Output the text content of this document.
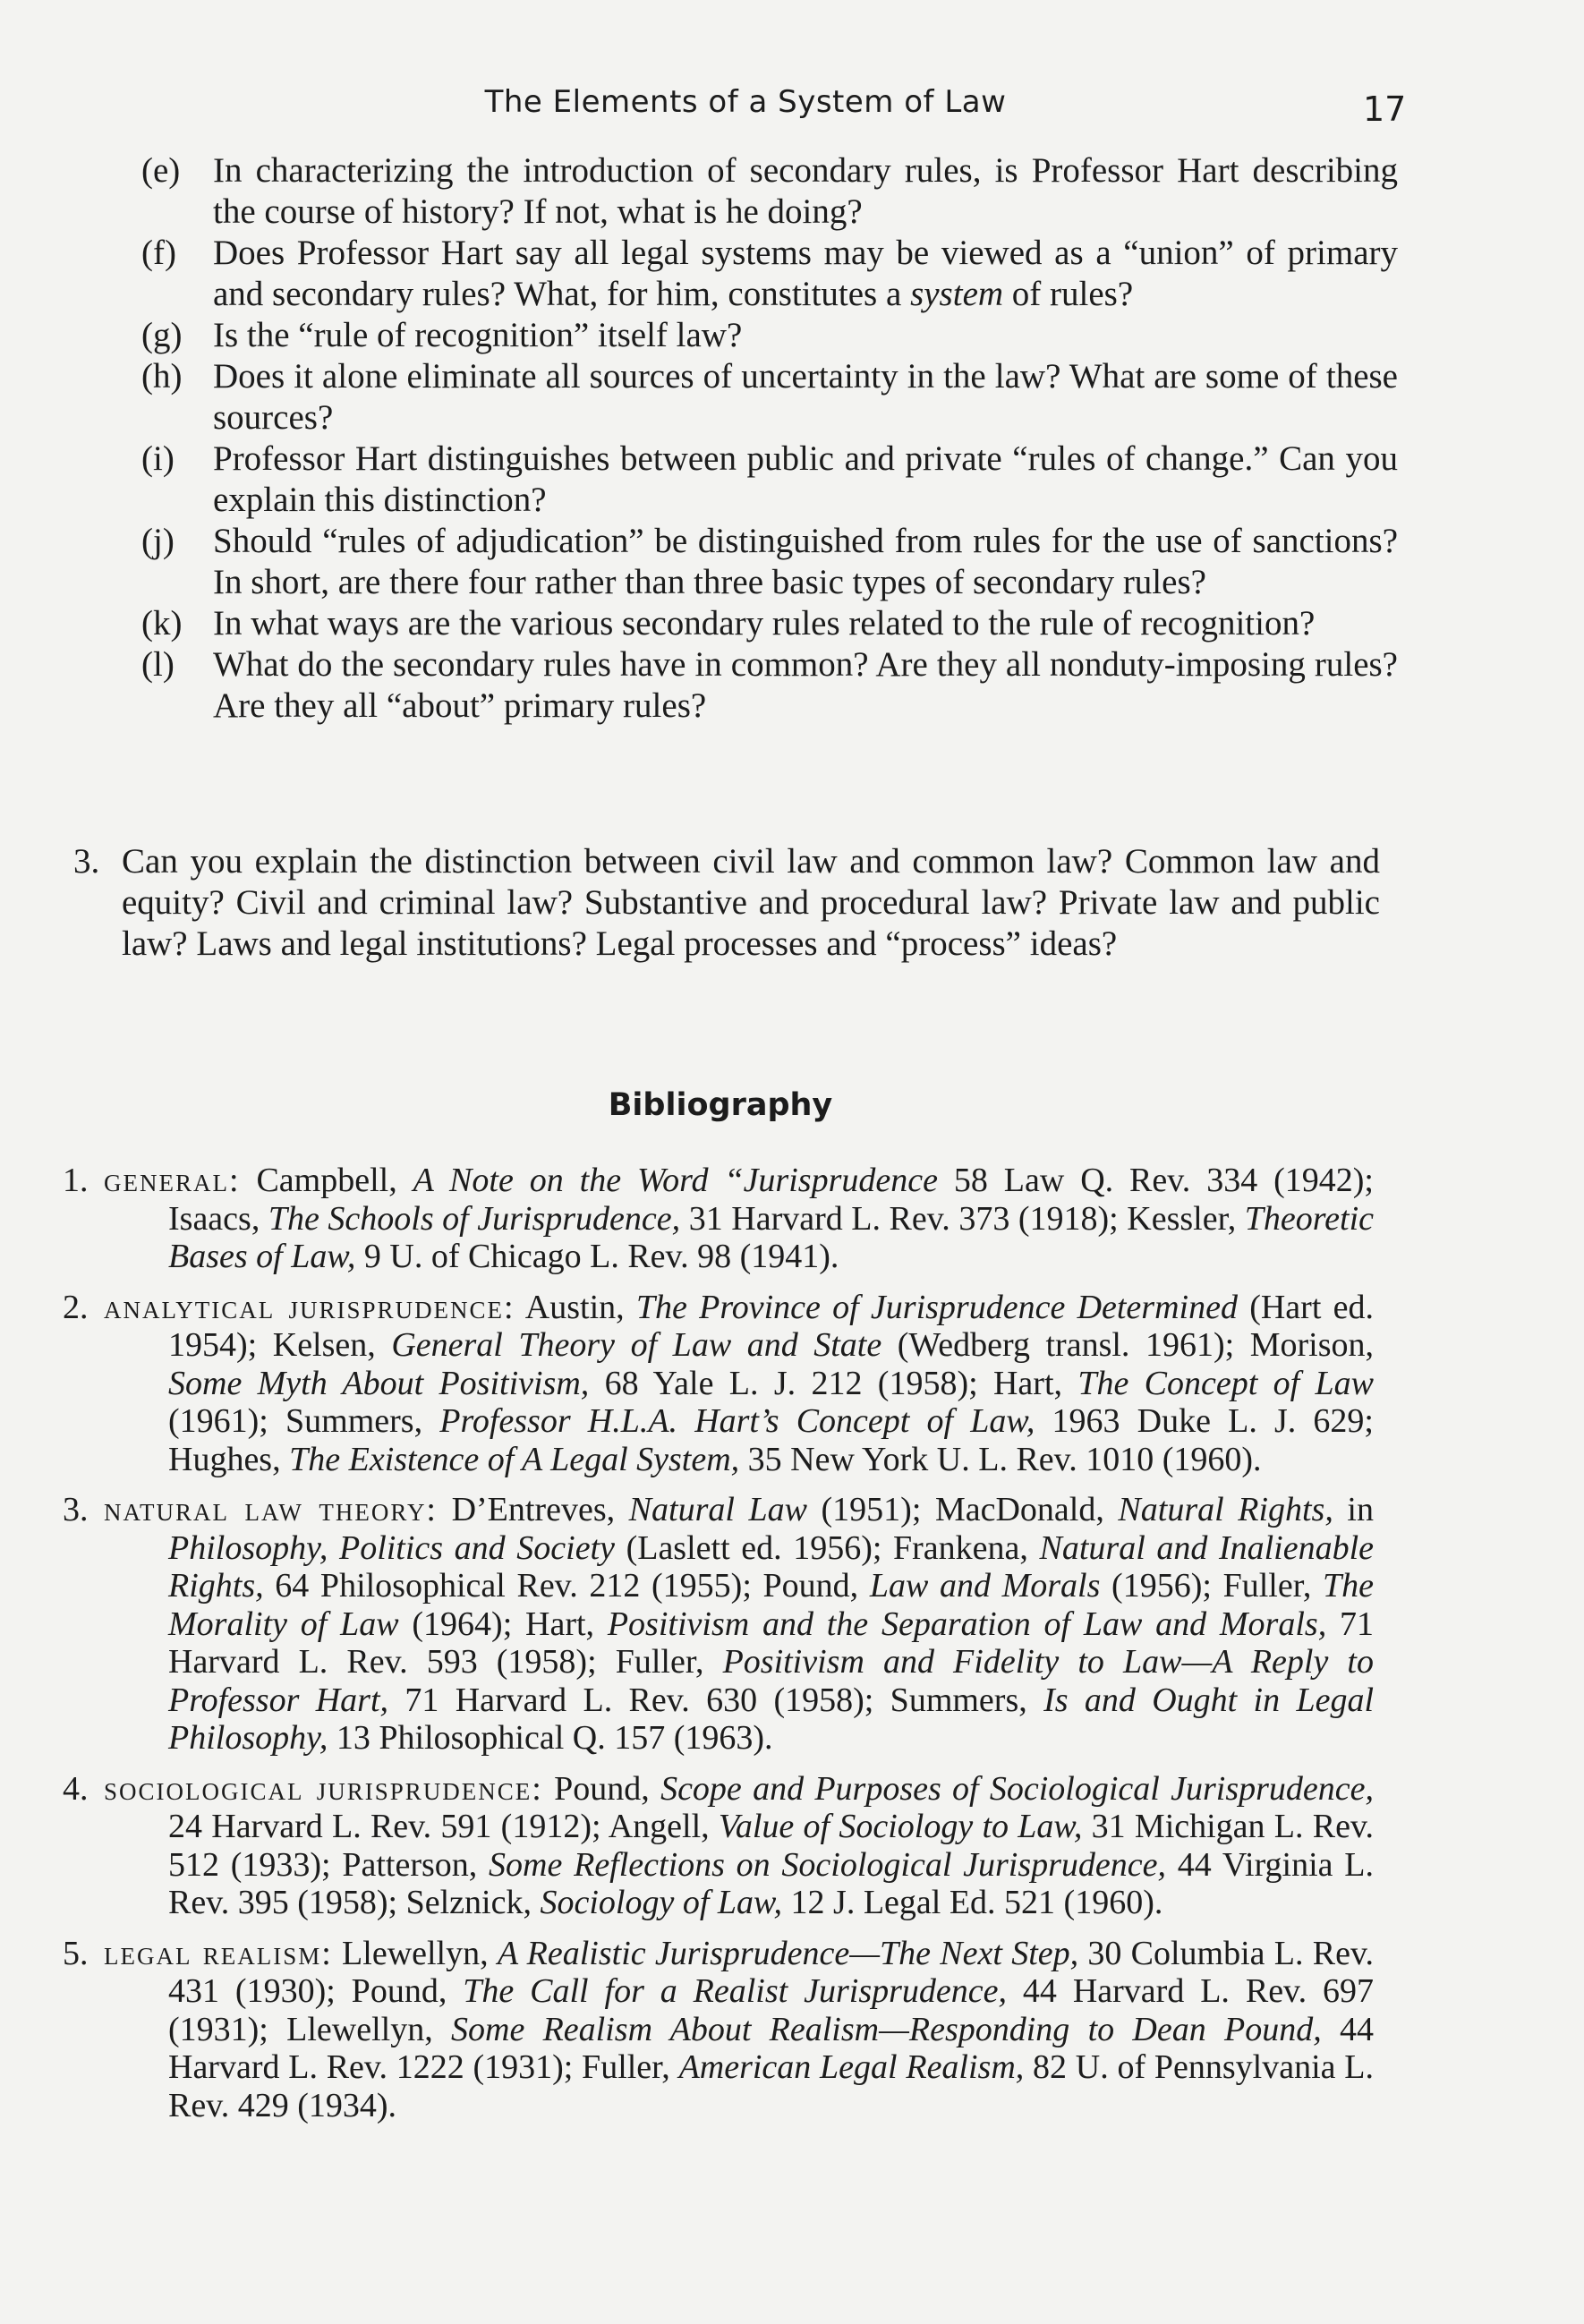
The Elements of a System of Law	17
(e) In characterizing the introduction of secondary rules, is Professor Hart describing the course of history? If not, what is he doing?
(f)	Does Professor Hart say all legal systems may be viewed as a “union” of primary and secondary rules? What, for him, constitutes a system of rules?
(g) Is the “rule of recognition” itself law?
(h) Does it alone eliminate all sources of uncertainty in the law? What are some of these sources?
(i)	Professor Hart distinguishes between public and private “rules of change.” Can you explain this distinction?
(j)	Should “rules of adjudication” be distinguished from rules for the use of sanctions? In short, are there four rather than three basic types of secondary rules?
(k) In what ways are the various secondary rules related to the rule of recognition?
(l)	What do the secondary rules have in common? Are they all nonduty-imposing rules? Are they all “about” primary rules?
3. Can you explain the distinction between civil law and common law? Common law and equity? Civil and criminal law? Substantive and procedural law? Private law and public law? Laws and legal institutions? Legal processes and “process” ideas?
Bibliography
1. general: Campbell, A Note on the Word “Jurisprudence 58 Law Q. Rev. 334 (1942); Isaacs, The Schools of Jurisprudence, 31 Harvard L. Rev. 373 (1918); Kessler, Theoretic Bases of Law, 9 U. of Chicago L. Rev. 98 (1941).
2. analytical jurisprudence: Austin, The Province of Jurisprudence Determined (Hart ed. 1954); Kelsen, General Theory of Law and State (Wedberg transl. 1961); Morison, Some Myth About Positivism, 68 Yale L. J. 212 (1958); Hart, The Concept of Law (1961); Summers, Professor H.L.A. Hart’s Concept of Law, 1963 Duke L. J. 629; Hughes, The Existence of A Legal System, 35 New York U. L. Rev. 1010 (1960).
3. natural law theory: D’Entreves, Natural Law (1951); MacDonald, Natural Rights, in Philosophy, Politics and Society (Laslett ed. 1956); Frankena, Natural and Inalienable Rights, 64 Philosophical Rev. 212 (1955); Pound, Law and Morals (1956); Fuller, The Morality of Law (1964); Hart, Positivism and the Separation of Law and Morals, 71 Harvard L. Rev. 593 (1958); Fuller, Positivism and Fidelity to Law—A Reply to Professor Hart, 71 Harvard L. Rev. 630 (1958); Summers, Is and Ought in Legal Philosophy, 13 Philosophical Q. 157 (1963).
4. sociological jurisprudence: Pound, Scope and Purposes of Sociological Jurisprudence, 24 Harvard L. Rev. 591 (1912); Angell, Value of Sociology to Law, 31 Michigan L. Rev. 512 (1933); Patterson, Some Reflections on Sociological Jurisprudence, 44 Virginia L. Rev. 395 (1958); Selznick, Sociology of Law, 12 J. Legal Ed. 521 (1960).
5. legal realism: Llewellyn, A Realistic Jurisprudence—The Next Step, 30 Columbia L. Rev. 431 (1930); Pound, The Call for a Realist Jurisprudence, 44 Harvard L. Rev. 697 (1931); Llewellyn, Some Realism About Realism—Responding to Dean Pound, 44 Harvard L. Rev. 1222 (1931); Fuller, American Legal Realism, 82 U. of Pennsylvania L. Rev. 429 (1934).
